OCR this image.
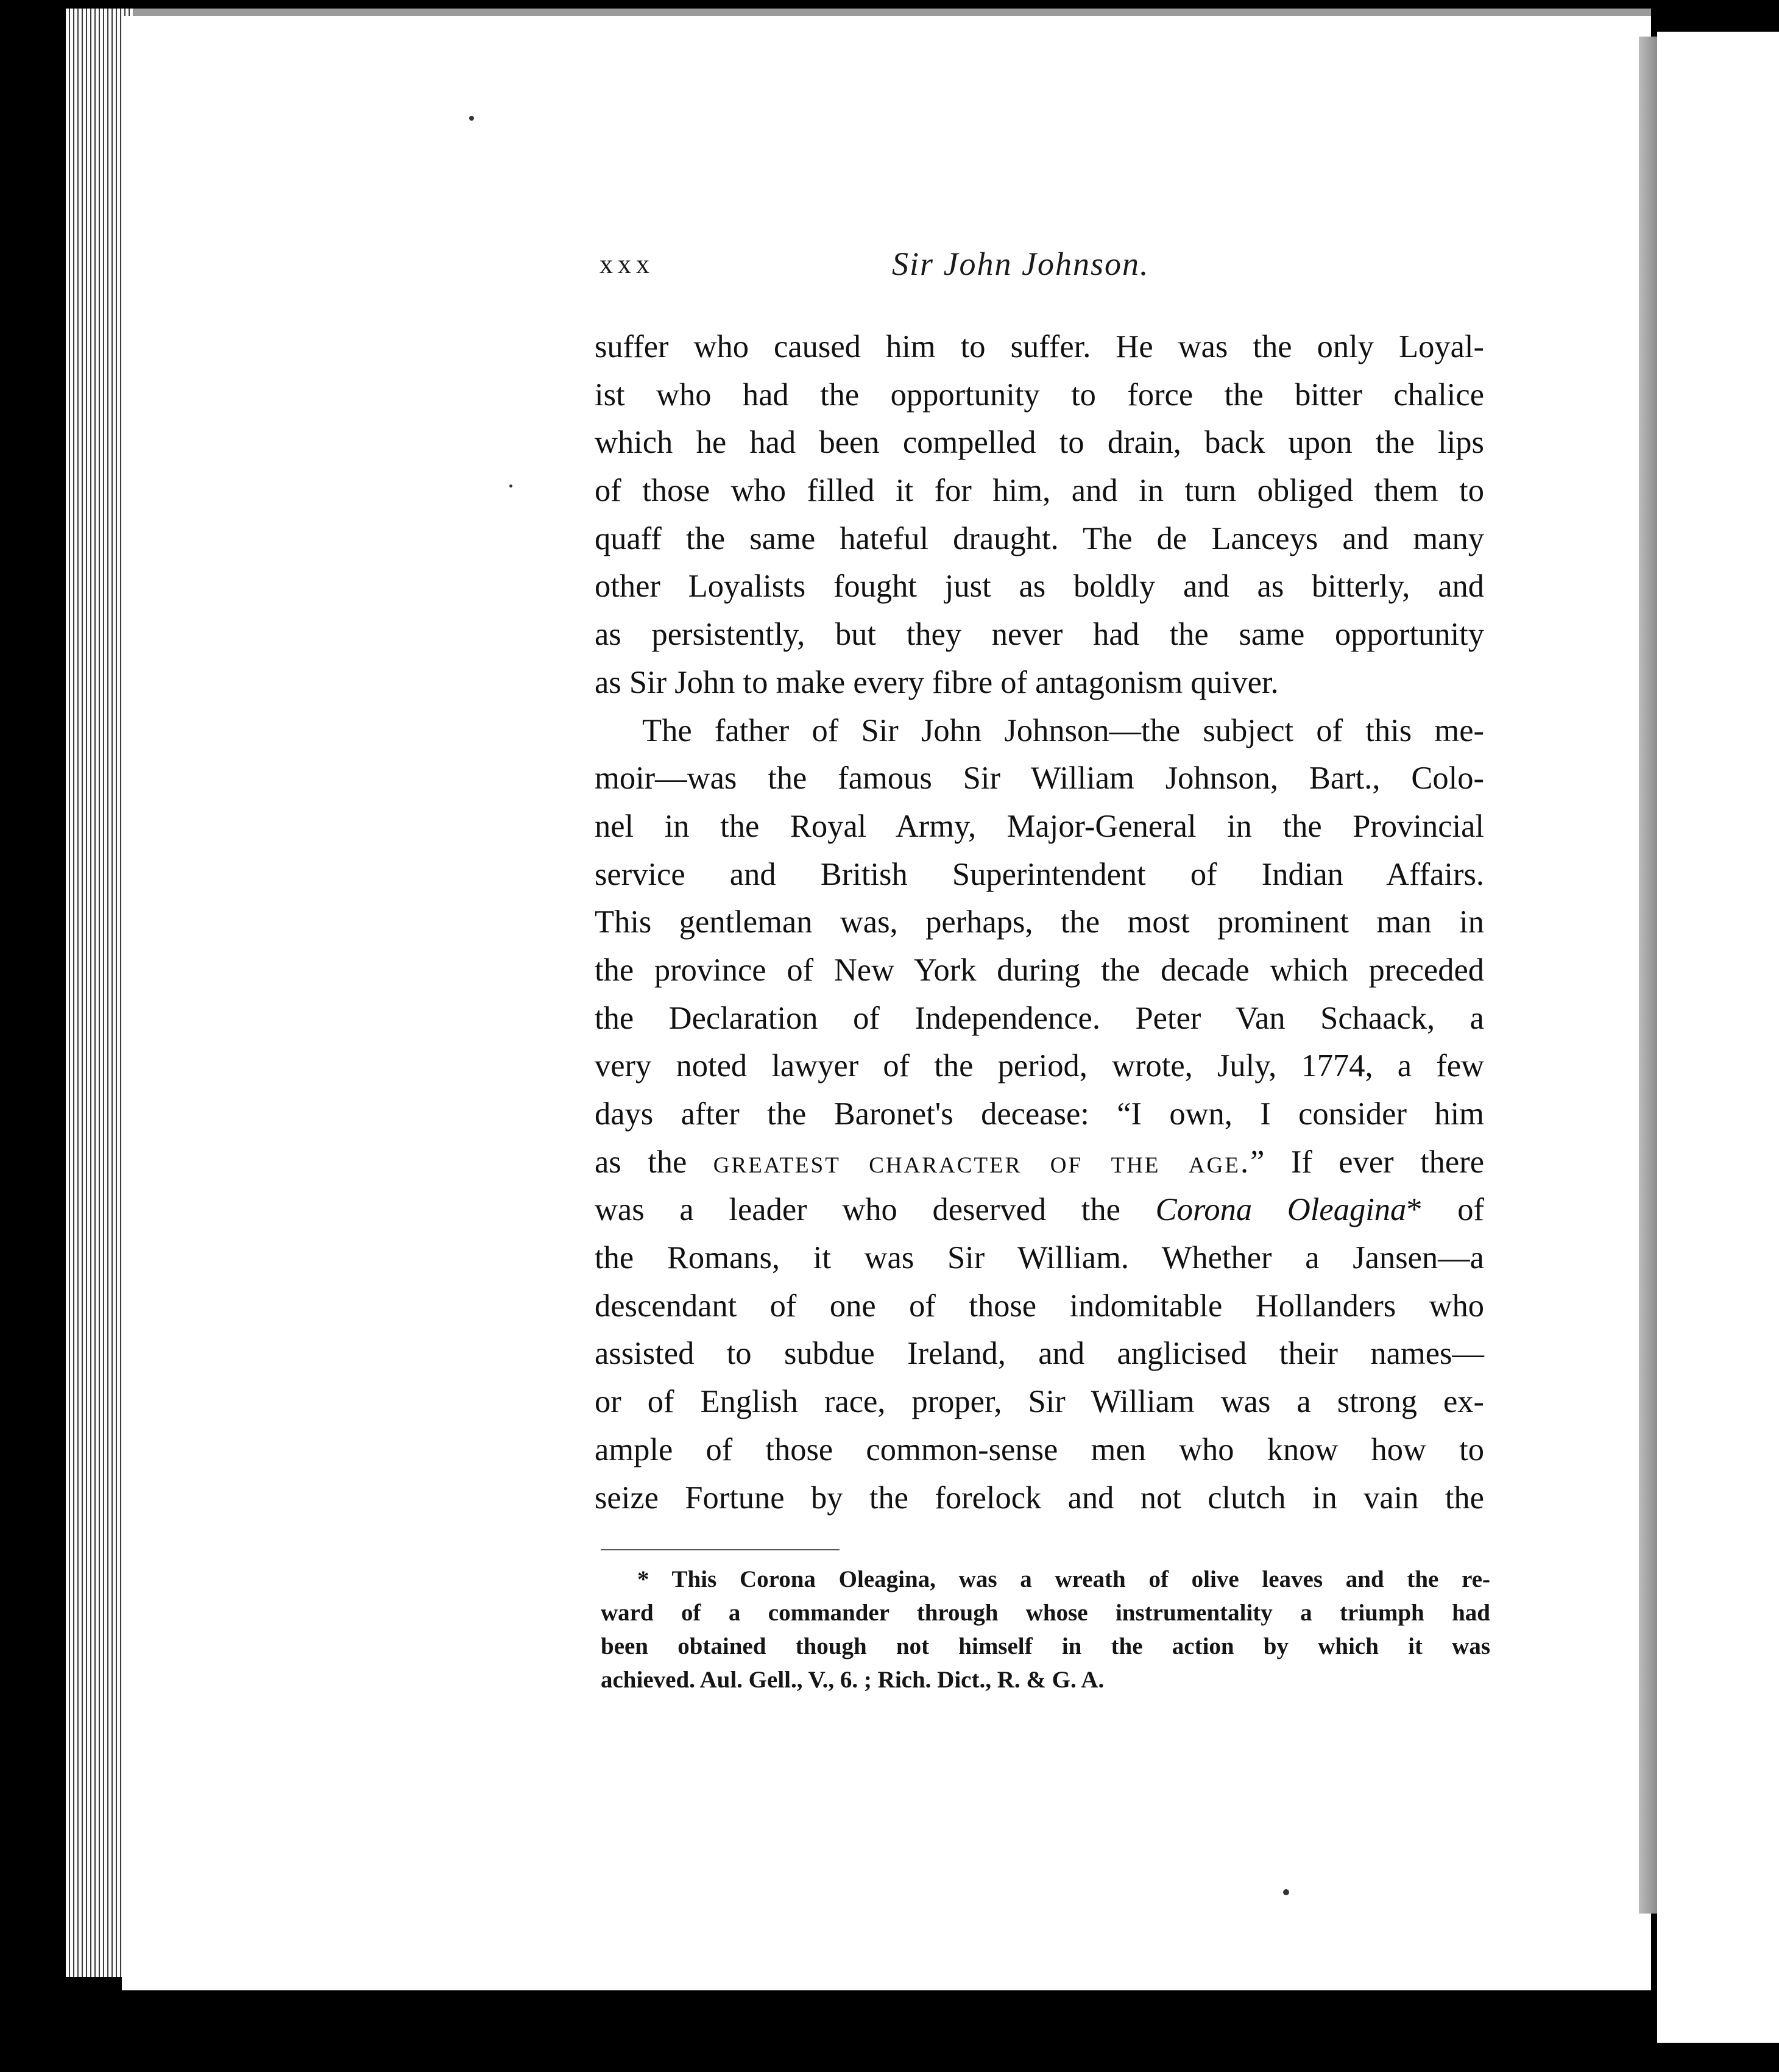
xxx	Sir John Johnson.
suffer who caused him to suffer. He was the only Loyal-
ist who had the opportunity to force the bitter chalice
which he had been compelled to drain, back upon the lips
of those who filled it for him, and in turn obliged them to
quaff the same hateful draught. The de Lanceys and many
other Loyalists fought just as boldly and as bitterly, and
as persistently, but they never had the same opportunity
as Sir John to make every fibre of antagonism quiver.
The father of Sir John Johnson—the subject of this me-
moir—was the famous Sir William Johnson, Bart., Colo-
nel in the Royal Army, Major-General in the Provincial
service and British Superintendent of Indian Affairs.
This gentleman was, perhaps, the most prominent man in
the province of New York during the decade which preceded
the Declaration of Independence. Peter Van Schaack, a
very noted lawyer of the period, wrote, July, 1774, a few
days after the Baronet's decease: “I own, I consider him
as the greatest character of the age.” If ever there
was a leader who deserved the Corona Oleagina* of
the Romans, it was Sir William. Whether a Jansen—a
descendant of one of those indomitable Hollanders who
assisted to subdue Ireland, and anglicised their names—
or of English race, proper, Sir William was a strong ex-
ample of those common-sense men who know how to
seize Fortune by the forelock and not clutch in vain the
* This Corona Oleagina, was a wreath of olive leaves and the re-
ward of a commander through whose instrumentality a triumph had
been obtained though not himself in the action by which it was
achieved. Aul. Gell., V., 6. ; Rich. Dict., R. & G. A.
